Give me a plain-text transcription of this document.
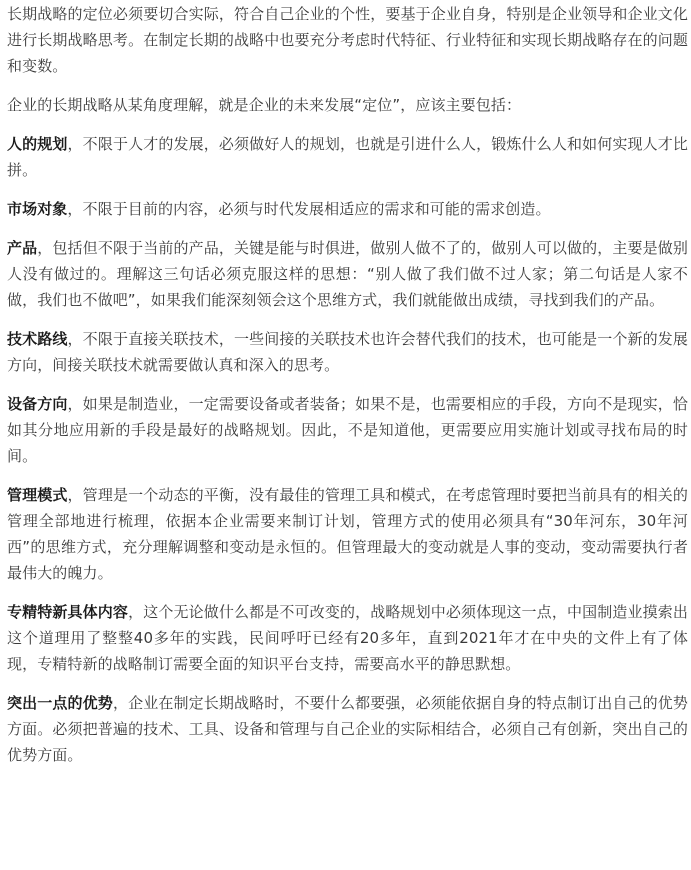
长期战略的定位必须要切合实际，符合自己企业的个性，要基于企业自身，特别是企业领导和企业文化进行长期战略思考。在制定长期的战略中也要充分考虑时代特征、行业特征和实现长期战略存在的问题和变数。

企业的长期战略从某角度理解，就是企业的未来发展“定位”，应该主要包括：

人的规划，不限于人才的发展，必须做好人的规划，也就是引进什么人，锻炼什么人和如何实现人才比拼。

市场对象，不限于目前的内容，必须与时代发展相适应的需求和可能的需求创造。

产品，包括但不限于当前的产品，关键是能与时俱进，做别人做不了的，做别人可以做的，主要是做别人没有做过的。理解这三句话必须克服这样的思想：“别人做了我们做不过人家；第二句话是人家不做，我们也不做吧”，如果我们能深刻领会这个思维方式，我们就能做出成绩，寻找到我们的产品。

技术路线，不限于直接关联技术，一些间接的关联技术也许会替代我们的技术，也可能是一个新的发展方向，间接关联技术就需要做认真和深入的思考。

设备方向，如果是制造业，一定需要设备或者装备；如果不是，也需要相应的手段，方向不是现实，恰如其分地应用新的手段是最好的战略规划。因此，不是知道他，更需要应用实施计划或寻找布局的时间。

管理模式，管理是一个动态的平衡，没有最佳的管理工具和模式，在考虑管理时要把当前具有的相关的管理全部地进行梳理，依据本企业需要来制订计划，管理方式的使用必须具有“30年河东，30年河西”的思维方式，充分理解调整和变动是永恒的。但管理最大的变动就是人事的变动，变动需要执行者最伟大的魄力。

专精特新具体内容，这个无论做什么都是不可改变的，战略规划中必须体现这一点，中国制造业摸索出这个道理用了整整40多年的实践，民间呼吁已经有20多年，直到2021年才在中央的文件上有了体现，专精特新的战略制订需要全面的知识平台支持，需要高水平的静思默想。

突出一点的优势，企业在制定长期战略时，不要什么都要强，必须能依据自身的特点制订出自己的优势方面。必须把普遍的技术、工具、设备和管理与自己企业的实际相结合，必须自己有创新，突出自己的优势方面。
